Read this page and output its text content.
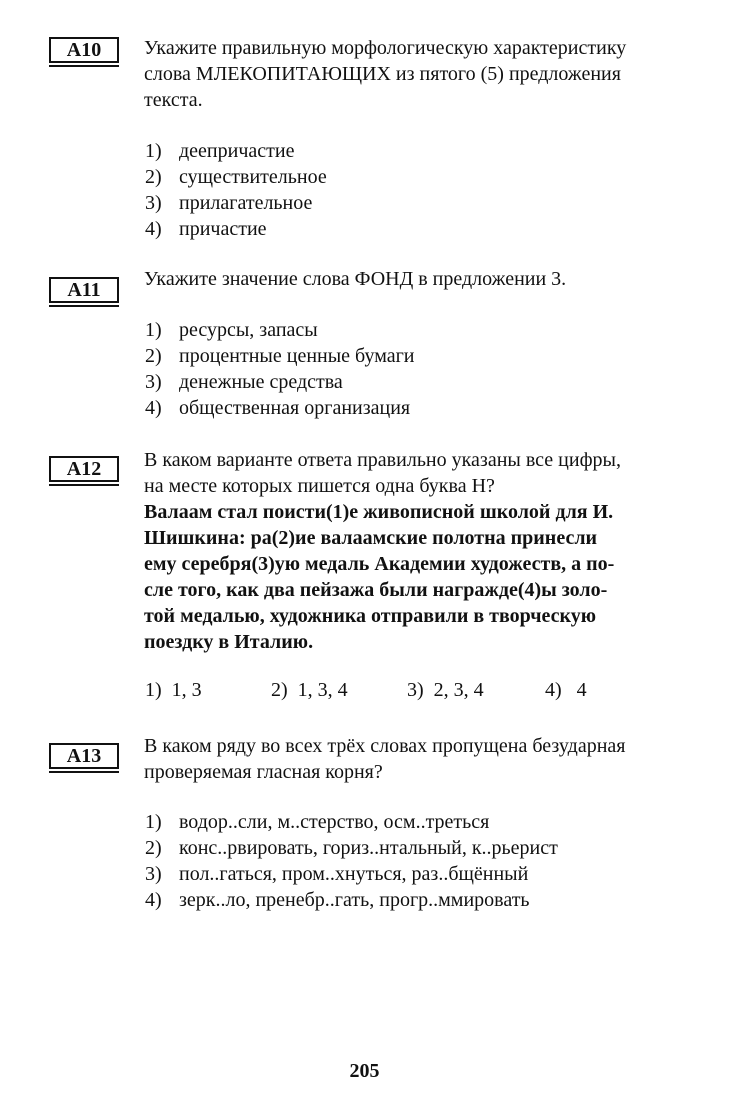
A10	Укажите правильную морфологическую характеристику
слова МЛЕКОПИТАЮЩИХ из пятого (5) предложения
текста.
1) деепричастие
2) существительное
3) прилагательное
4) причастие
A11	Укажите значение слова ФОНД в предложении 3.
1) ресурсы, запасы
2) процентные ценные бумаги
3) денежные средства
4) общественная организация
A12	В каком варианте ответа правильно указаны все цифры,
на месте которых пишется одна буква Н?
Валаам стал поисти(1)е живописной школой для И.
Шишкина: ра(2)ие валаамские полотна принесли
ему серебря(3)ую медаль Академии художеств, а по-
сле того, как два пейзажа были награжде(4)ы золо-
той медалью, художника отправили в творческую
поездку в Италию.
1) 1, 3	2) 1, 3, 4	3) 2, 3, 4	4) 4
A13	В каком ряду во всех трёх словах пропущена безударная
проверяемая гласная корня?
1) водор..сли, м..стерство, осм..треться
2) конс..рвировать, гориз..нтальный, к..рьерист
3) пол..гаться, пром..хнуться, раз..бщённый
4) зерк..ло, пренебр..гать, прогр..ммировать
205
